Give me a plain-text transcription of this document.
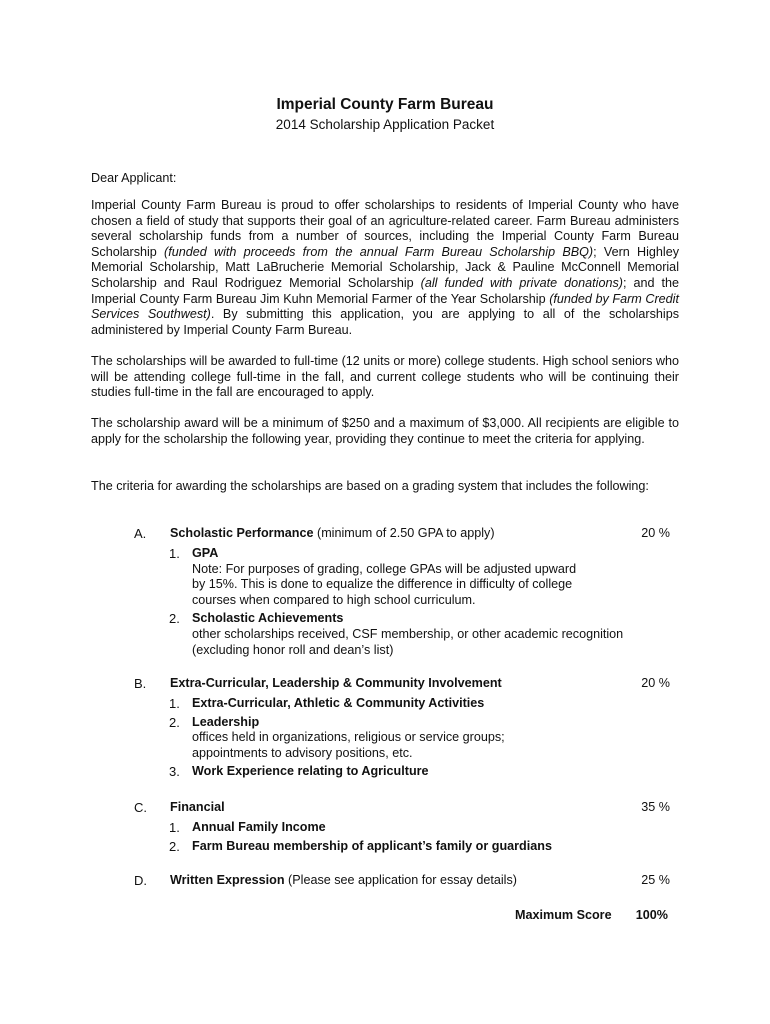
Imperial County Farm Bureau
2014 Scholarship Application Packet

Dear Applicant:

Imperial County Farm Bureau is proud to offer scholarships to residents of Imperial County who have chosen a field of study that supports their goal of an agriculture-related career. Farm Bureau administers several scholarship funds from a number of sources, including the Imperial County Farm Bureau Scholarship (funded with proceeds from the annual Farm Bureau Scholarship BBQ); Vern Highley Memorial Scholarship, Matt LaBrucherie Memorial Scholarship, Jack & Pauline McConnell Memorial Scholarship and Raul Rodriguez Memorial Scholarship (all funded with private donations); and the Imperial County Farm Bureau Jim Kuhn Memorial Farmer of the Year Scholarship (funded by Farm Credit Services Southwest). By submitting this application, you are applying to all of the scholarships administered by Imperial County Farm Bureau.

The scholarships will be awarded to full-time (12 units or more) college students. High school seniors who will be attending college full-time in the fall, and current college students who will be continuing their studies full-time in the fall are encouraged to apply.

The scholarship award will be a minimum of $250 and a maximum of $3,000. All recipients are eligible to apply for the scholarship the following year, providing they continue to meet the criteria for applying.

The criteria for awarding the scholarships are based on a grading system that includes the following:

A. Scholastic Performance (minimum of 2.50 GPA to apply)	20 %
1. GPA
Note: For purposes of grading, college GPAs will be adjusted upward
by 15%. This is done to equalize the difference in difficulty of college
courses when compared to high school curriculum.
2. Scholastic Achievements
other scholarships received, CSF membership, or other academic recognition
(excluding honor roll and dean’s list)
B. Extra-Curricular, Leadership & Community Involvement	20 %
1. Extra-Curricular, Athletic & Community Activities
2. Leadership
offices held in organizations, religious or service groups;
appointments to advisory positions, etc.
3. Work Experience relating to Agriculture
C. Financial	35 %
1. Annual Family Income
2. Farm Bureau membership of applicant’s family or guardians
D. Written Expression (Please see application for essay details)	25 %
Maximum Score 100%
